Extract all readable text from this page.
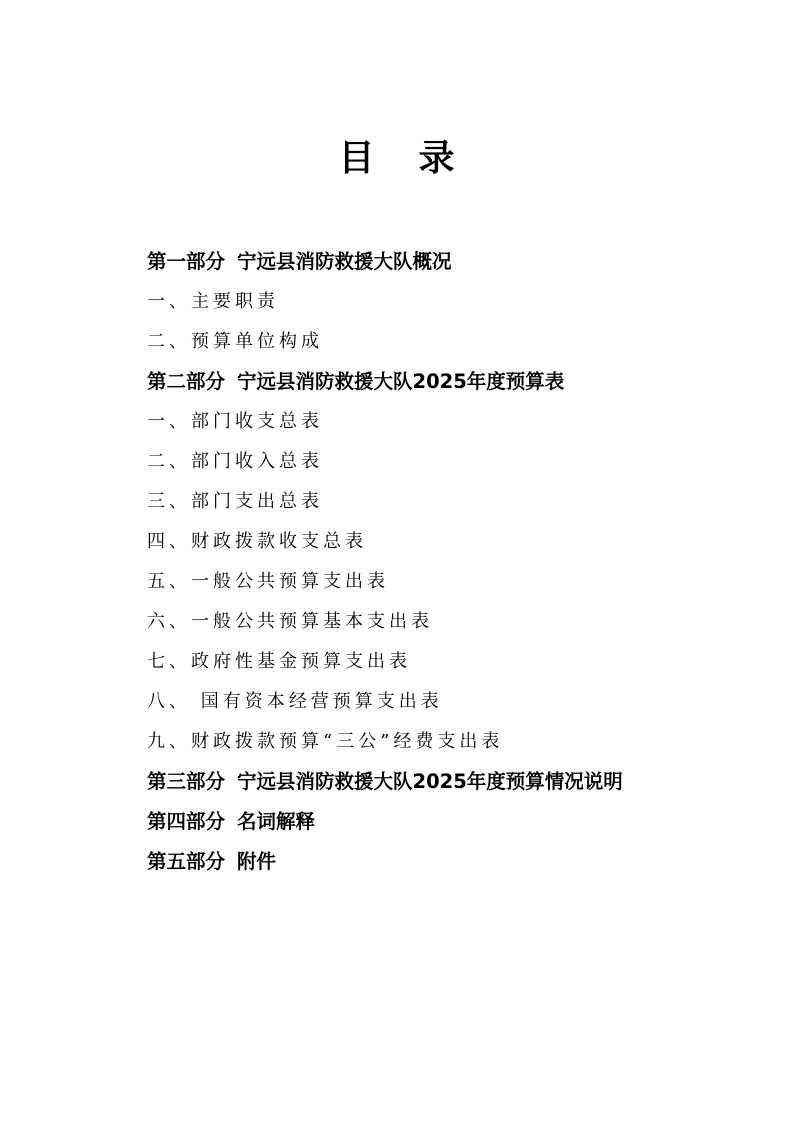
目 录
第一部分 宁远县消防救援大队概况
一、主要职责
二、预算单位构成
第二部分 宁远县消防救援大队2025年度预算表
一、部门收支总表
二、部门收入总表
三、部门支出总表
四、财政拨款收支总表
五、一般公共预算支出表
六、一般公共预算基本支出表
七、政府性基金预算支出表
八、 国有资本经营预算支出表
九、财政拨款预算“三公”经费支出表
第三部分 宁远县消防救援大队2025年度预算情况说明
第四部分 名词解释
第五部分 附件
